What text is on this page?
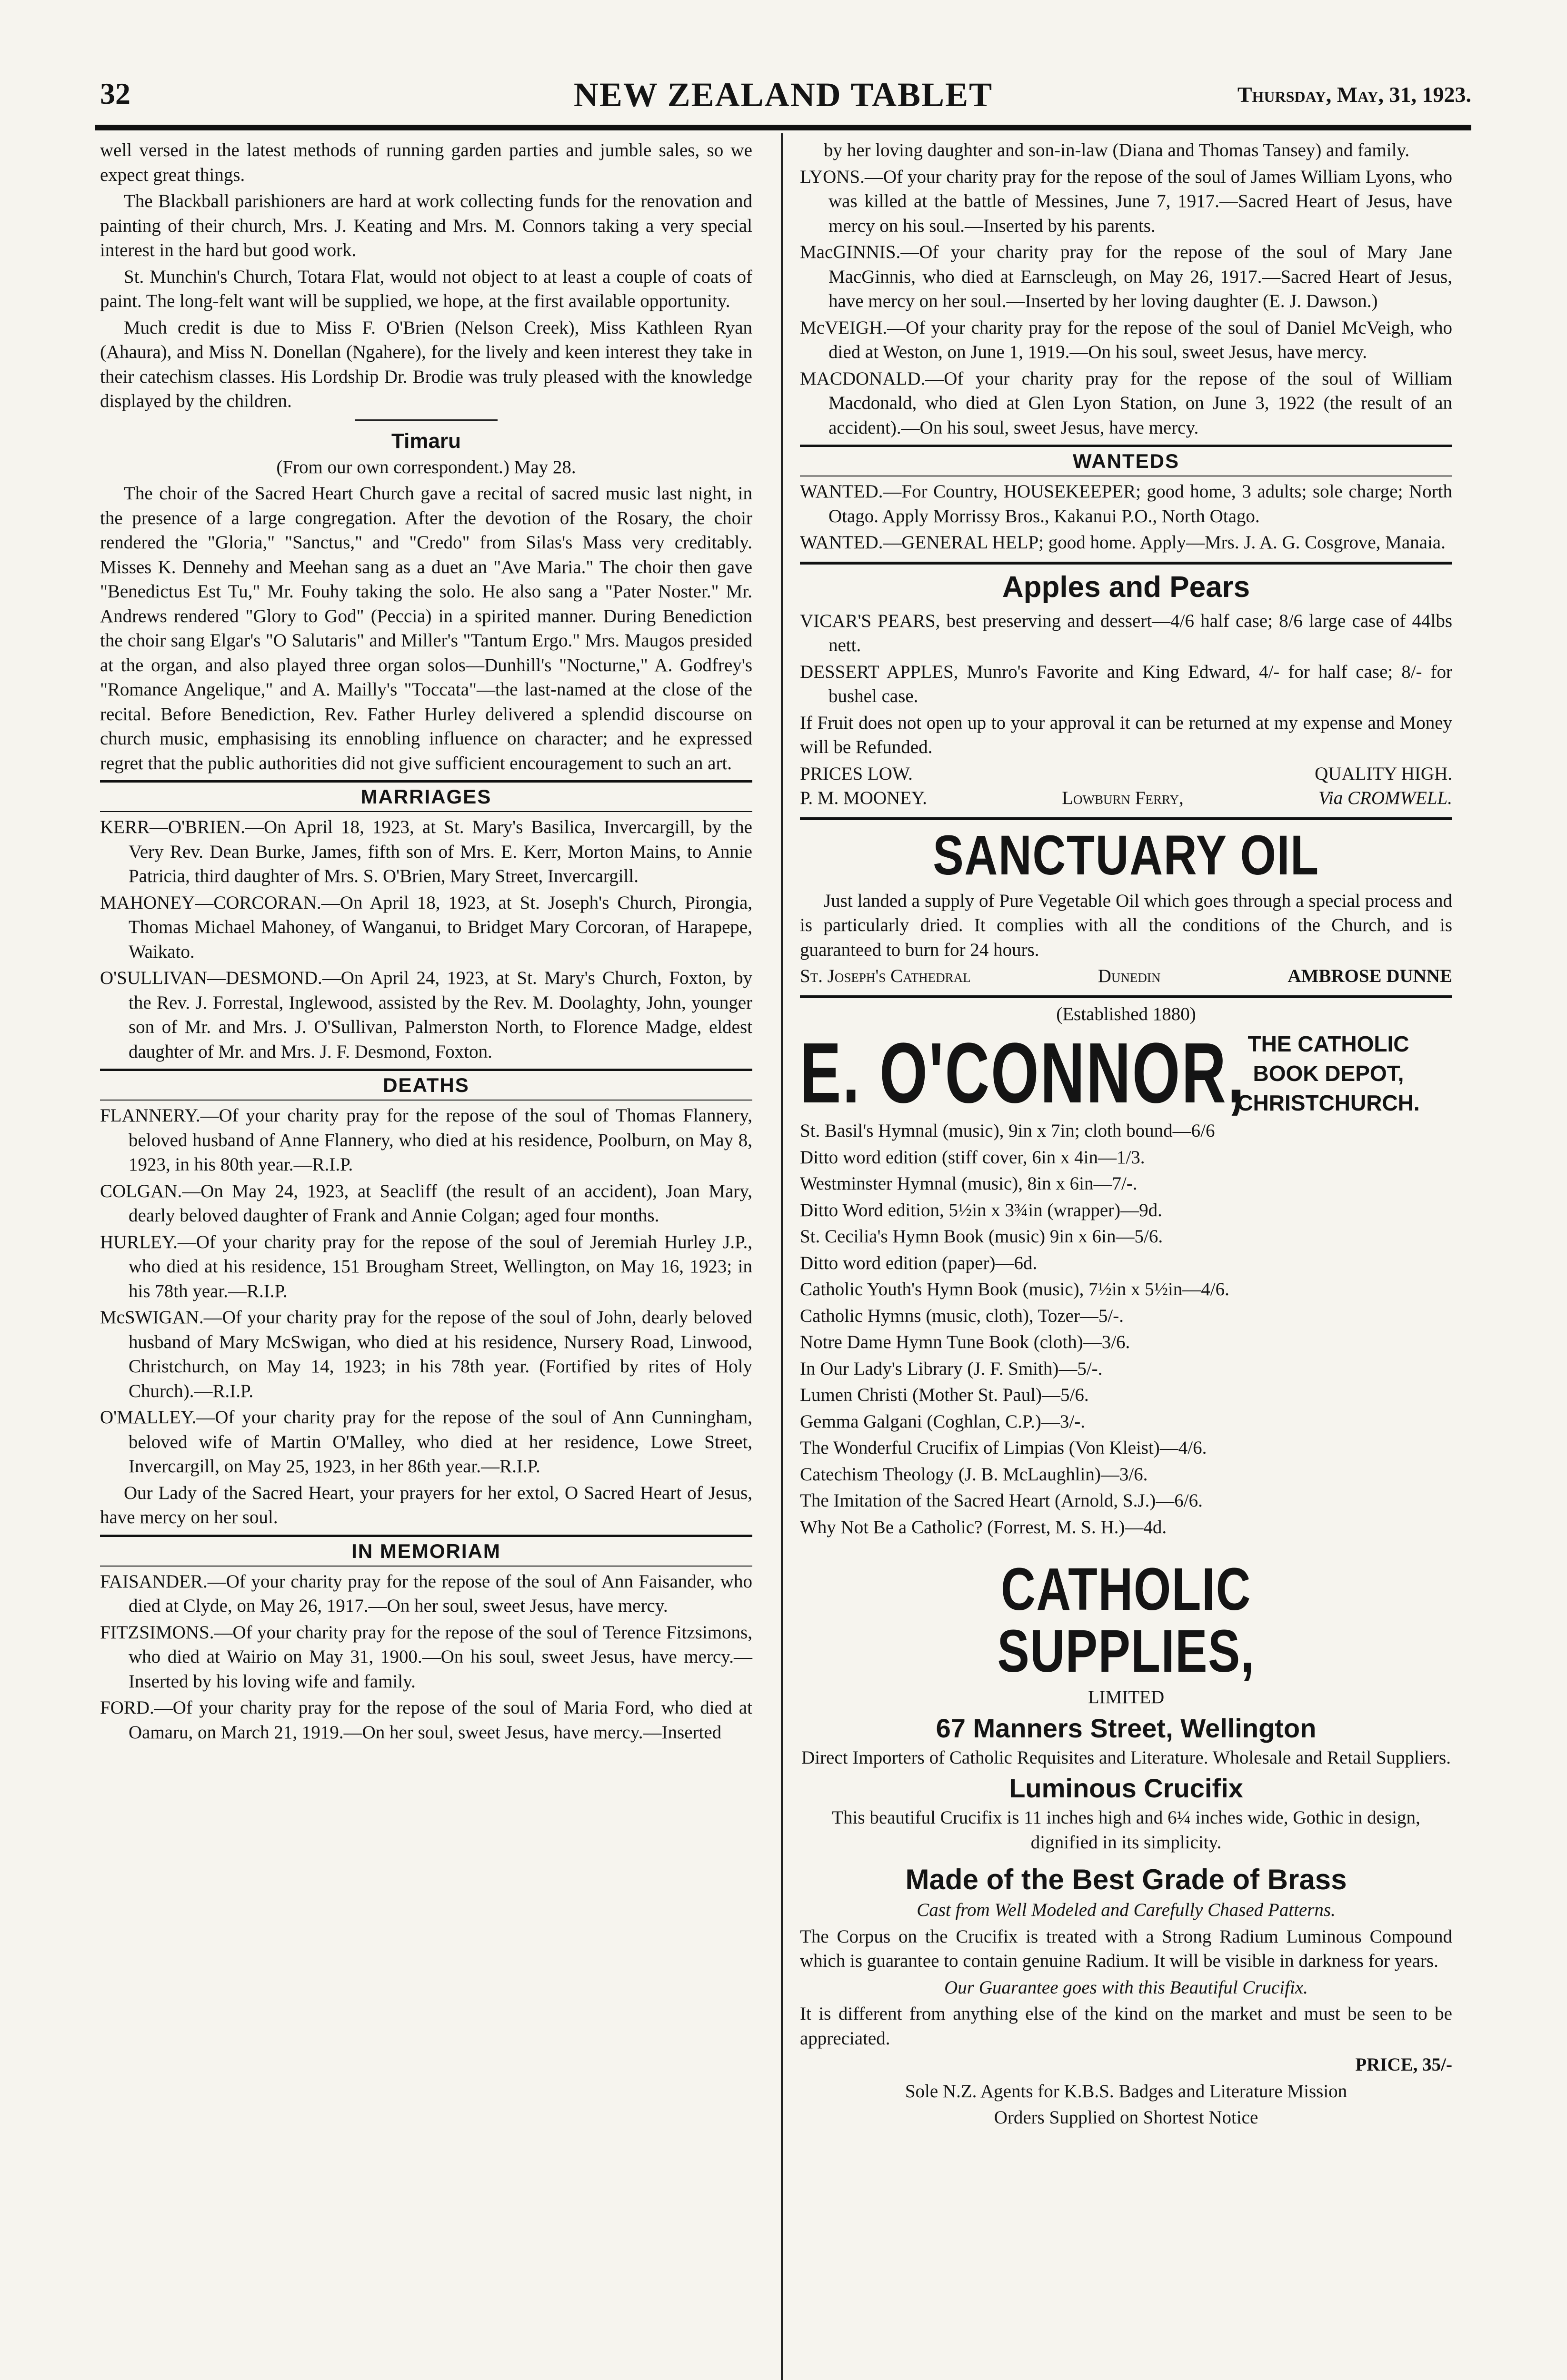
32	NEW ZEALAND TABLET	Thursday, May, 31, 1923.

well versed in the latest methods of running garden parties and jumble sales, so we expect great things.

The Blackball parishioners are hard at work collecting funds for the renovation and painting of their church, Mrs. J. Keating and Mrs. M. Connors taking a very special interest in the hard but good work.

St. Munchin's Church, Totara Flat, would not object to at least a couple of coats of paint. The long-felt want will be supplied, we hope, at the first available opportunity.

Much credit is due to Miss F. O'Brien (Nelson Creek), Miss Kathleen Ryan (Ahaura), and Miss N. Donellan (Ngahere), for the lively and keen interest they take in their catechism classes. His Lordship Dr. Brodie was truly pleased with the knowledge displayed by the children.

Timaru

(From our own correspondent.) May 28.

The choir of the Sacred Heart Church gave a recital of sacred music last night, in the presence of a large congregation. After the devotion of the Rosary, the choir rendered the "Gloria," "Sanctus," and "Credo" from Silas's Mass very creditably. Misses K. Dennehy and Meehan sang as a duet an "Ave Maria." The choir then gave "Benedictus Est Tu," Mr. Fouhy taking the solo. He also sang a "Pater Noster." Mr. Andrews rendered "Glory to God" (Peccia) in a spirited manner. During Benediction the choir sang Elgar's "O Salutaris" and Miller's "Tantum Ergo." Mrs. Maugos presided at the organ, and also played three organ solos—Dunhill's "Nocturne," A. Godfrey's "Romance Angelique," and A. Mailly's "Toccata"—the last-named at the close of the recital. Before Benediction, Rev. Father Hurley delivered a splendid discourse on church music, emphasising its ennobling influence on character; and he expressed regret that the public authorities did not give sufficient encouragement to such an art.

MARRIAGES

KERR—O'BRIEN.—On April 18, 1923, at St. Mary's Basilica, Invercargill, by the Very Rev. Dean Burke, James, fifth son of Mrs. E. Kerr, Morton Mains, to Annie Patricia, third daughter of Mrs. S. O'Brien, Mary Street, Invercargill.

MAHONEY—CORCORAN.—On April 18, 1923, at St. Joseph's Church, Pirongia, Thomas Michael Mahoney, of Wanganui, to Bridget Mary Corcoran, of Harapepe, Waikato.

O'SULLIVAN—DESMOND.—On April 24, 1923, at St. Mary's Church, Foxton, by the Rev. J. Forrestal, Inglewood, assisted by the Rev. M. Doolaghty, John, younger son of Mr. and Mrs. J. O'Sullivan, Palmerston North, to Florence Madge, eldest daughter of Mr. and Mrs. J. F. Desmond, Foxton.

DEATHS

FLANNERY.—Of your charity pray for the repose of the soul of Thomas Flannery, beloved husband of Anne Flannery, who died at his residence, Poolburn, on May 8, 1923, in his 80th year.—R.I.P.

COLGAN.—On May 24, 1923, at Seacliff (the result of an accident), Joan Mary, dearly beloved daughter of Frank and Annie Colgan; aged four months.

HURLEY.—Of your charity pray for the repose of the soul of Jeremiah Hurley J.P., who died at his residence, 151 Brougham Street, Wellington, on May 16, 1923; in his 78th year.—R.I.P.

McSWIGAN.—Of your charity pray for the repose of the soul of John, dearly beloved husband of Mary McSwigan, who died at his residence, Nursery Road, Linwood, Christchurch, on May 14, 1923; in his 78th year. (Fortified by rites of Holy Church).—R.I.P.

O'MALLEY.—Of your charity pray for the repose of the soul of Ann Cunningham, beloved wife of Martin O'Malley, who died at her residence, Lowe Street, Invercargill, on May 25, 1923, in her 86th year.—R.I.P.

Our Lady of the Sacred Heart, your prayers for her extol, O Sacred Heart of Jesus, have mercy on her soul.

IN MEMORIAM

FAISANDER.—Of your charity pray for the repose of the soul of Ann Faisander, who died at Clyde, on May 26, 1917.—On her soul, sweet Jesus, have mercy.

FITZSIMONS.—Of your charity pray for the repose of the soul of Terence Fitzsimons, who died at Wairio on May 31, 1900.—On his soul, sweet Jesus, have mercy.—Inserted by his loving wife and family.

FORD.—Of your charity pray for the repose of the soul of Maria Ford, who died at Oamaru, on March 21, 1919.—On her soul, sweet Jesus, have mercy.—Inserted

by her loving daughter and son-in-law (Diana and Thomas Tansey) and family.

LYONS.—Of your charity pray for the repose of the soul of James William Lyons, who was killed at the battle of Messines, June 7, 1917.—Sacred Heart of Jesus, have mercy on his soul.—Inserted by his parents.

MacGINNIS.—Of your charity pray for the repose of the soul of Mary Jane MacGinnis, who died at Earnscleugh, on May 26, 1917.—Sacred Heart of Jesus, have mercy on her soul.—Inserted by her loving daughter (E. J. Dawson.)

McVEIGH.—Of your charity pray for the repose of the soul of Daniel McVeigh, who died at Weston, on June 1, 1919.—On his soul, sweet Jesus, have mercy.

MACDONALD.—Of your charity pray for the repose of the soul of William Macdonald, who died at Glen Lyon Station, on June 3, 1922 (the result of an accident).—On his soul, sweet Jesus, have mercy.

WANTEDS

WANTED.—For Country, HOUSEKEEPER; good home, 3 adults; sole charge; North Otago. Apply Morrissy Bros., Kakanui P.O., North Otago.

WANTED.—GENERAL HELP; good home. Apply—Mrs. J. A. G. Cosgrove, Manaia.

Apples and Pears

VICAR'S PEARS, best preserving and dessert—4/6 half case; 8/6 large case of 44lbs nett.

DESSERT APPLES, Munro's Favorite and King Edward, 4/- for half case; 8/- for bushel case.

If Fruit does not open up to your approval it can be returned at my expense and Money will be Refunded.

PRICES LOW.	QUALITY HIGH.
P. M. MOONEY.	Lowburn Ferry,	Via CROMWELL.
SANCTUARY OIL

Just landed a supply of Pure Vegetable Oil which goes through a special process and is particularly dried. It complies with all the conditions of the Church, and is guaranteed to burn for 24 hours.

St. Joseph's Cathedral	Dunedin	AMBROSE DUNNE

(Established 1880)

E. O'CONNOR, THE CATHOLIC
BOOK DEPOT,
CHRISTCHURCH.

St. Basil's Hymnal (music), 9in x 7in; cloth bound—6/6

Ditto word edition (stiff cover, 6in x 4in—1/3.

Westminster Hymnal (music), 8in x 6in—7/-.

Ditto Word edition, 5½in x 3¾in (wrapper)—9d.

St. Cecilia's Hymn Book (music) 9in x 6in—5/6.

Ditto word edition (paper)—6d.

Catholic Youth's Hymn Book (music), 7½in x 5½in—4/6.

Catholic Hymns (music, cloth), Tozer—5/-.

Notre Dame Hymn Tune Book (cloth)—3/6.

In Our Lady's Library (J. F. Smith)—5/-.

Lumen Christi (Mother St. Paul)—5/6.

Gemma Galgani (Coghlan, C.P.)—3/-.

The Wonderful Crucifix of Limpias (Von Kleist)—4/6.

Catechism Theology (J. B. McLaughlin)—3/6.

The Imitation of the Sacred Heart (Arnold, S.J.)—6/6.

Why Not Be a Catholic? (Forrest, M. S. H.)—4d.

CATHOLIC SUPPLIES,

LIMITED

67 Manners Street, Wellington

Direct Importers of Catholic Requisites and Literature. Wholesale and Retail Suppliers.

Luminous Crucifix

This beautiful Crucifix is 11 inches high and 6¼ inches wide, Gothic in design, dignified in its simplicity.

Made of the Best Grade of Brass

Cast from Well Modeled and Carefully Chased Patterns.

The Corpus on the Crucifix is treated with a Strong Radium Luminous Compound which is guarantee to contain genuine Radium. It will be visible in darkness for years.

Our Guarantee goes with this Beautiful Crucifix.

It is different from anything else of the kind on the market and must be seen to be appreciated.

PRICE, 35/-

Sole N.Z. Agents for K.B.S. Badges and Literature Mission

Orders Supplied on Shortest Notice
